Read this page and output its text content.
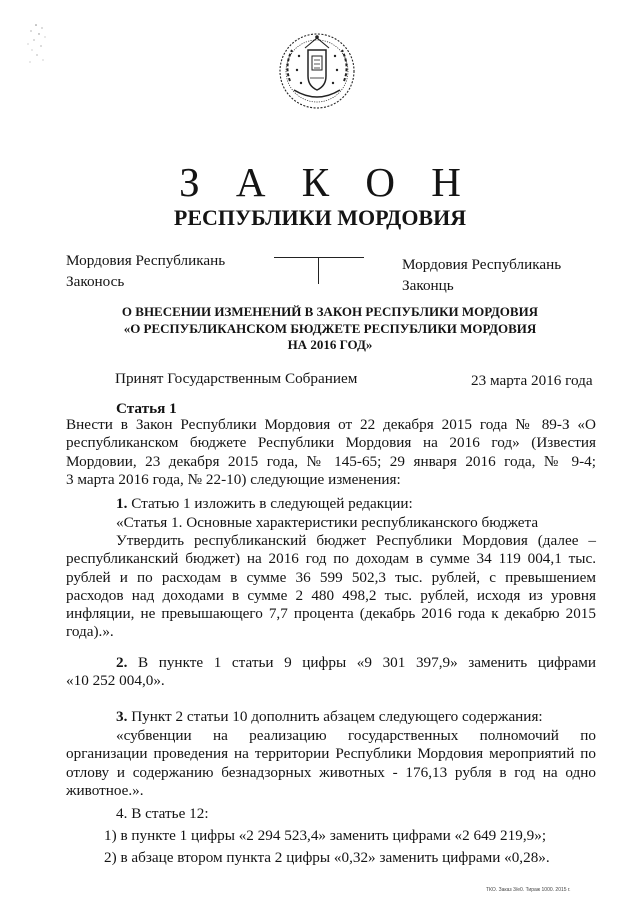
З А К О Н
РЕСПУБЛИКИ МОРДОВИЯ
Мордовия Республикань
Законось
Мордовия Республикань
Законць
О ВНЕСЕНИИ ИЗМЕНЕНИЙ В ЗАКОН РЕСПУБЛИКИ МОРДОВИЯ
«О РЕСПУБЛИКАНСКОМ БЮДЖЕТЕ РЕСПУБЛИКИ МОРДОВИЯ
НА 2016 ГОД»
Принят Государственным Собранием	23 марта 2016 года
Статья 1
Внести в Закон Республики Мордовия от 22 декабря 2015 года № 89-З «О
республиканском бюджете Республики Мордовия на 2016 год» (Известия
Мордовии, 23 декабря 2015 года, № 145-65; 29 января 2016 года, № 9-4;
3 марта 2016 года, № 22-10) следующие изменения:
1. Статью 1 изложить в следующей редакции:
«Статья 1. Основные характеристики республиканского бюджета
Утвердить республиканский бюджет Республики Мордовия (далее –
республиканский бюджет) на 2016 год по доходам в сумме 34 119 004,1 тыс.
рублей и по расходам в сумме 36 599 502,3 тыс. рублей, с превышением
расходов над доходами в сумме 2 480 498,2 тыс. рублей, исходя из уровня
инфляции, не превышающего 7,7 процента (декабрь 2016 года к декабрю 2015
года).».
2. В пункте 1 статьи 9 цифры «9 301 397,9» заменить цифрами
«10 252 004,0».
3. Пункт 2 статьи 10 дополнить абзацем следующего содержания:
«субвенции на реализацию государственных полномочий по
организации проведения на территории Республики Мордовия мероприятий по
отлову и содержанию безнадзорных животных - 176,13 рубля в год на одно
животное.».
4. В статье 12:
1) в пункте 1 цифры «2 294 523,4» заменить цифрами «2 649 219,9»;
2) в абзаце втором пункта 2 цифры «0,32» заменить цифрами «0,28».
ТКО. Заказ 3/е0. Тираж 1000. 2015 г.
